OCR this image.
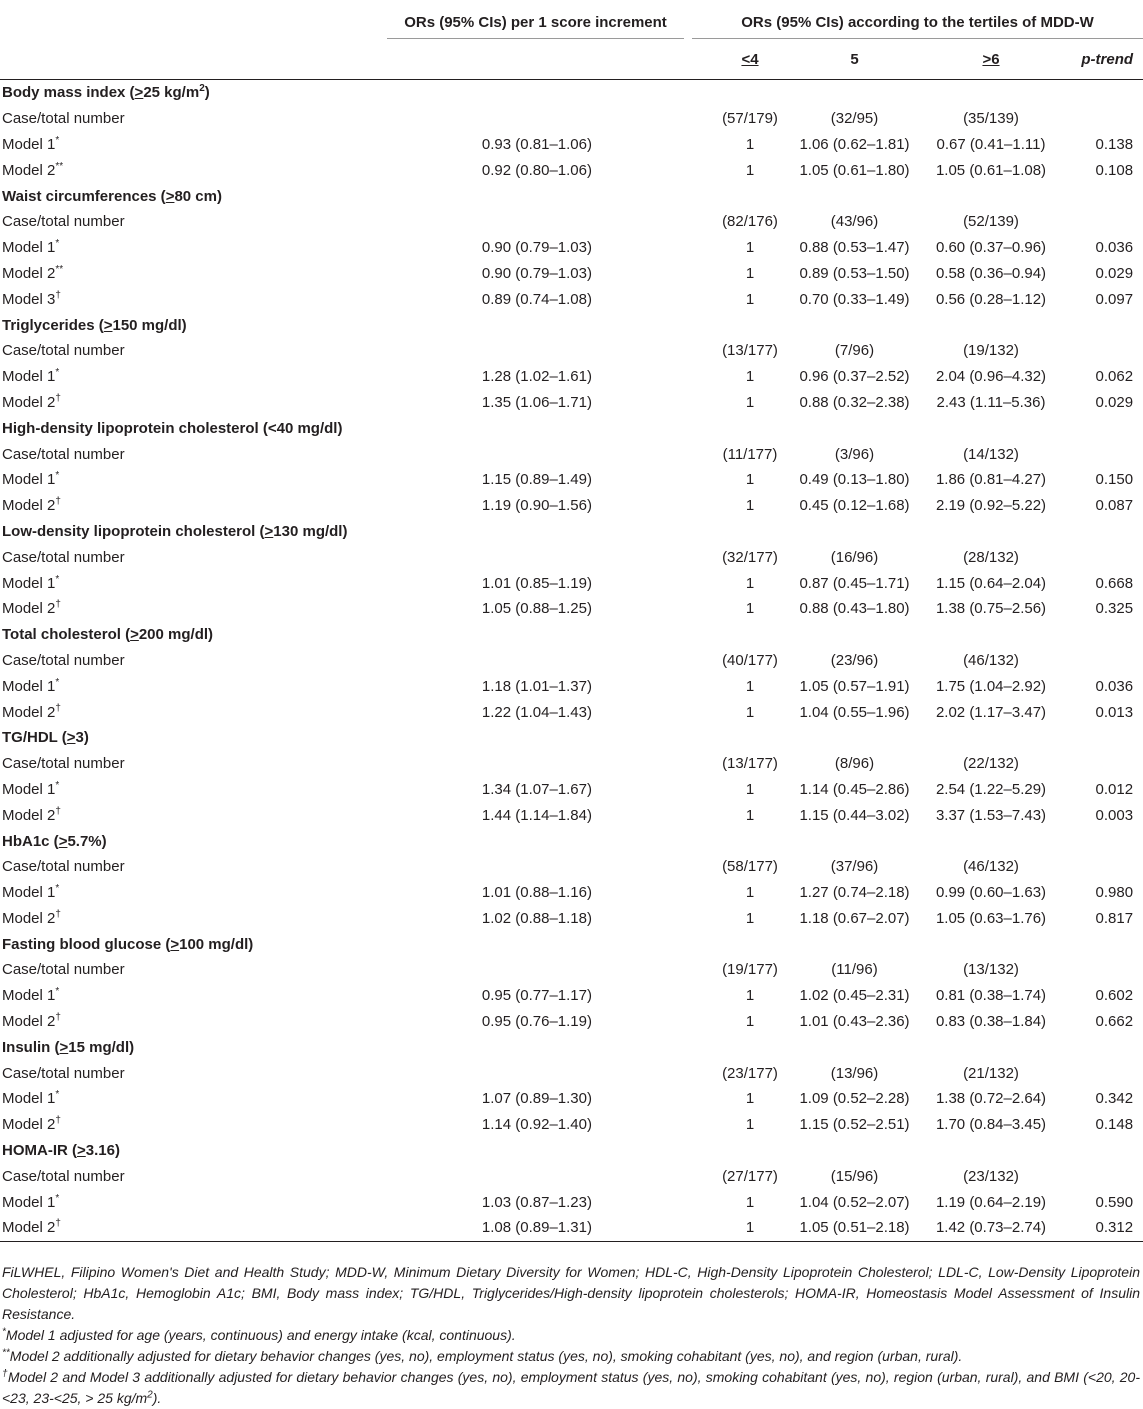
	ORs (95% CIs) per 1 score increment	ORs (95% CIs) according to the tertiles of MDD-W			

		<4	5	>6	p-trend
Body mass index (>25 $kg/m^2$)					
Case/total number		(57/179)	(32/95)	(35/139)	
Model 1*	0.93 (0.81–1.06)	1	1.06 (0.62–1.81)	0.67 (0.41–1.11)	0.138
Model 2**	0.92 (0.80–1.06)	1	1.05 (0.61–1.80)	1.05 (0.61–1.08)	0.108
Waist circumferences (>80 cm)					
Case/total number		(82/176)	(43/96)	(52/139)	
Model 1*	0.90 (0.79–1.03)	1	0.88 (0.53–1.47)	0.60 (0.37–0.96)	0.036
Model 2**	0.90 (0.79–1.03)	1	0.89 (0.53–1.50)	0.58 (0.36–0.94)	0.029
Model 3†	0.89 (0.74–1.08)	1	0.70 (0.33–1.49)	0.56 (0.28–1.12)	0.097
Triglycerides (>150 mg/dl)					
Case/total number		(13/177)	(7/96)	(19/132)	
Model 1*	1.28 (1.02–1.61)	1	0.96 (0.37–2.52)	2.04 (0.96–4.32)	0.062
Model 2†	1.35 (1.06–1.71)	1	0.88 (0.32–2.38)	2.43 (1.11–5.36)	0.029
High-density lipoprotein cholesterol (<40 mg/dl)					
Case/total number		(11/177)	(3/96)	(14/132)	
Model 1*	1.15 (0.89–1.49)	1	0.49 (0.13–1.80)	1.86 (0.81–4.27)	0.150
Model 2†	1.19 (0.90–1.56)	1	0.45 (0.12–1.68)	2.19 (0.92–5.22)	0.087
Low-density lipoprotein cholesterol (>130 mg/dl)					
Case/total number		(32/177)	(16/96)	(28/132)	
Model 1*	1.01 (0.85–1.19)	1	0.87 (0.45–1.71)	1.15 (0.64–2.04)	0.668
Model 2†	1.05 (0.88–1.25)	1	0.88 (0.43–1.80)	1.38 (0.75–2.56)	0.325
Total cholesterol (>200 mg/dl)					
Case/total number		(40/177)	(23/96)	(46/132)	
Model 1*	1.18 (1.01–1.37)	1	1.05 (0.57–1.91)	1.75 (1.04–2.92)	0.036
Model 2†	1.22 (1.04–1.43)	1	1.04 (0.55–1.96)	2.02 (1.17–3.47)	0.013
TG/HDL (>3)					
Case/total number		(13/177)	(8/96)	(22/132)	
Model 1*	1.34 (1.07–1.67)	1	1.14 (0.45–2.86)	2.54 (1.22–5.29)	0.012
Model 2†	1.44 (1.14–1.84)	1	1.15 (0.44–3.02)	3.37 (1.53–7.43)	0.003
HbA1c (>5.7%)					
Case/total number		(58/177)	(37/96)	(46/132)	
Model 1*	1.01 (0.88–1.16)	1	1.27 (0.74–2.18)	0.99 (0.60–1.63)	0.980
Model 2†	1.02 (0.88–1.18)	1	1.18 (0.67–2.07)	1.05 (0.63–1.76)	0.817
Fasting blood glucose (>100 mg/dl)					
Case/total number		(19/177)	(11/96)	(13/132)	
Model 1*	0.95 (0.77–1.17)	1	1.02 (0.45–2.31)	0.81 (0.38–1.74)	0.602
Model 2†	0.95 (0.76–1.19)	1	1.01 (0.43–2.36)	0.83 (0.38–1.84)	0.662
Insulin (>15 mg/dl)					
Case/total number		(23/177)	(13/96)	(21/132)	
Model 1*	1.07 (0.89–1.30)	1	1.09 (0.52–2.28)	1.38 (0.72–2.64)	0.342
Model 2†	1.14 (0.92–1.40)	1	1.15 (0.52–2.51)	1.70 (0.84–3.45)	0.148
HOMA-IR (>3.16)					
Case/total number		(27/177)	(15/96)	(23/132)	
Model 1*	1.03 (0.87–1.23)	1	1.04 (0.52–2.07)	1.19 (0.64–2.19)	0.590
Model 2†	1.08 (0.89–1.31)	1	1.05 (0.51–2.18)	1.42 (0.73–2.74)	0.312

FiLWHEL, Filipino Women's Diet and Health Study; MDD-W, Minimum Dietary Diversity for Women; HDL-C, High-Density Lipoprotein Cholesterol; LDL-C, Low-Density Lipoprotein Cholesterol; HbA1c, Hemoglobin A1c; BMI, Body mass index; TG/HDL, Triglycerides/High-density lipoprotein cholesterols; HOMA-IR, Homeostasis Model Assessment of Insulin Resistance.

*Model 1 adjusted for age (years, continuous) and energy intake (kcal, continuous).

**Model 2 additionally adjusted for dietary behavior changes (yes, no), employment status (yes, no), smoking cohabitant (yes, no), and region (urban, rural).

†Model 2 and Model 3 additionally adjusted for dietary behavior changes (yes, no), employment status (yes, no), smoking cohabitant (yes, no), region (urban, rural), and BMI (<20, 20-<23, 23-<25, > 25 $kg/m^2$).
